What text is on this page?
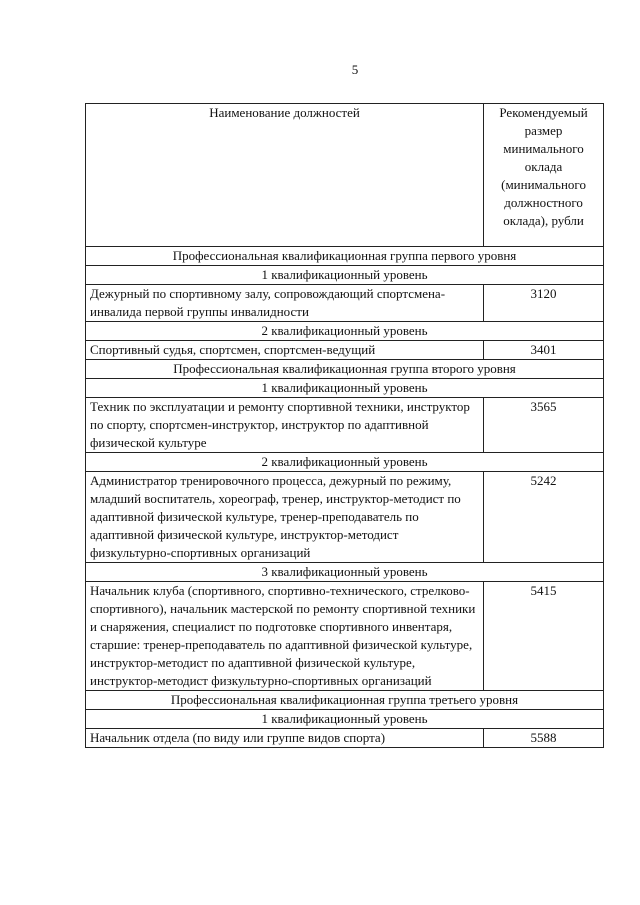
5
Наименование должностей	Рекомендуемый размер минимального оклада (минимального должностного оклада), рубли
Профессиональная квалификационная группа первого уровня	
1 квалификационный уровень	
Дежурный по спортивному залу, сопровождающий спортсмена-инвалида первой группы инвалидности	3120
2 квалификационный уровень	
Спортивный судья, спортсмен, спортсмен-ведущий	3401
Профессиональная квалификационная группа второго уровня	
1 квалификационный уровень	
Техник по эксплуатации и ремонту спортивной техники, инструктор по спорту, спортсмен-инструктор, инструктор по адаптивной физической культуре	3565
2 квалификационный уровень	
Администратор тренировочного процесса, дежурный по режиму, младший воспитатель, хореограф, тренер, инструктор-методист по адаптивной физической культуре, тренер-преподаватель по адаптивной физической культуре, инструктор-методист физкультурно-спортивных организаций	5242
3 квалификационный уровень	
Начальник клуба (спортивного, спортивно-технического, стрелково-спортивного), начальник мастерской по ремонту спортивной техники и снаряжения, специалист по подготовке спортивного инвентаря, старшие: тренер-преподаватель по адаптивной физической культуре, инструктор-методист по адаптивной физической культуре, инструктор-методист физкультурно-спортивных организаций	5415
Профессиональная квалификационная группа третьего уровня	
1 квалификационный уровень	
Начальник отдела (по виду или группе видов спорта)	5588
